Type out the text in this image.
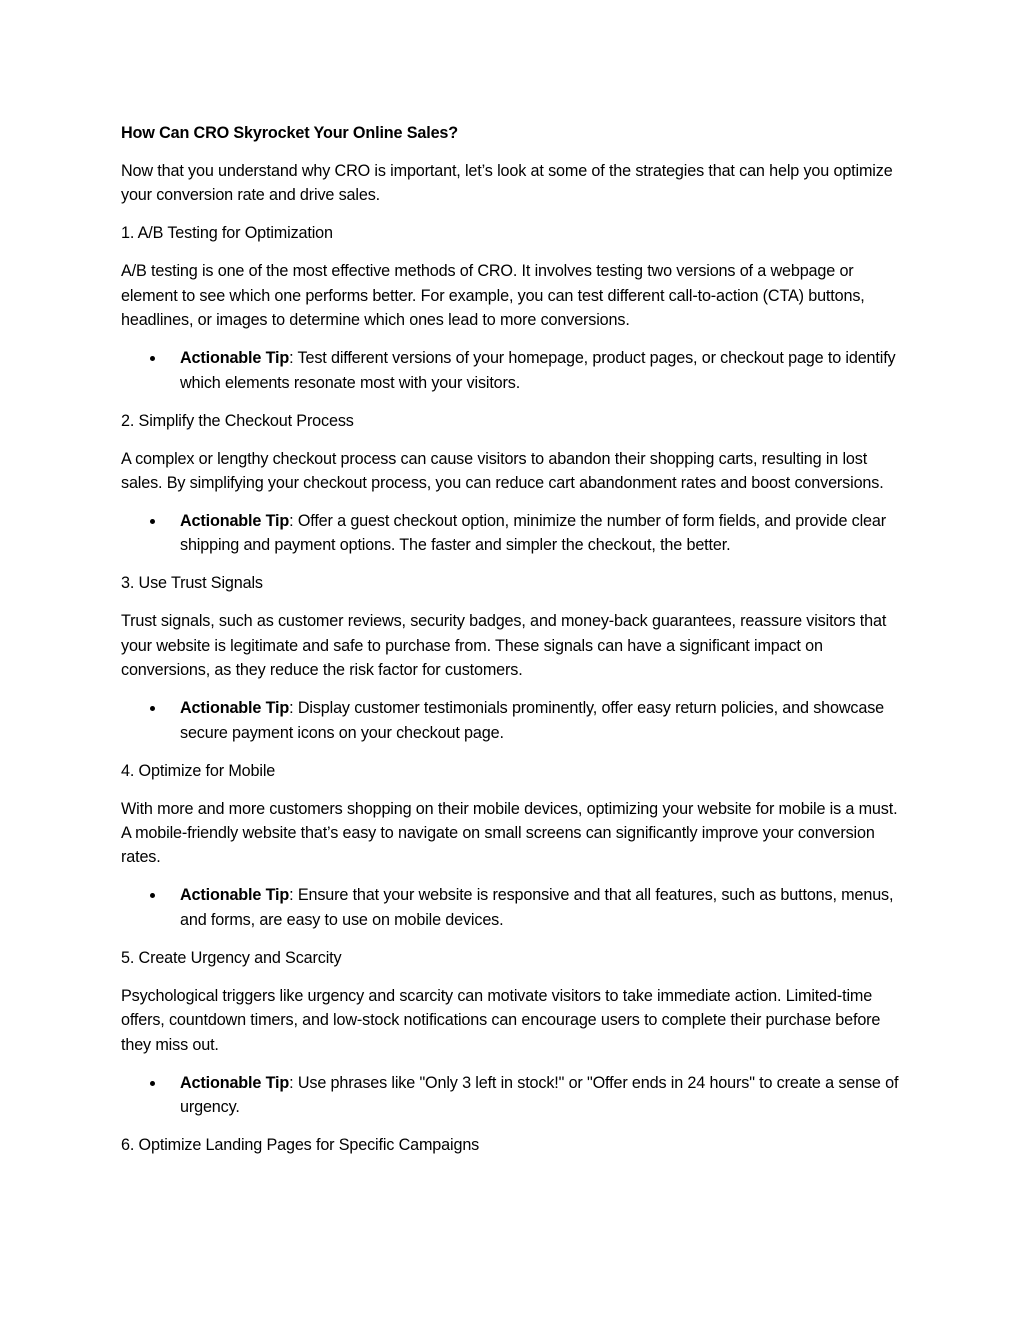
How Can CRO Skyrocket Your Online Sales?

Now that you understand why CRO is important, let’s look at some of the strategies that can help you optimize your conversion rate and drive sales.

1. A/B Testing for Optimization

A/B testing is one of the most effective methods of CRO. It involves testing two versions of a webpage or element to see which one performs better. For example, you can test different call-to-action (CTA) buttons, headlines, or images to determine which ones lead to more conversions.

Actionable Tip: Test different versions of your homepage, product pages, or checkout page to identify which elements resonate most with your visitors.

2. Simplify the Checkout Process

A complex or lengthy checkout process can cause visitors to abandon their shopping carts, resulting in lost sales. By simplifying your checkout process, you can reduce cart abandonment rates and boost conversions.

Actionable Tip: Offer a guest checkout option, minimize the number of form fields, and provide clear shipping and payment options. The faster and simpler the checkout, the better.

3. Use Trust Signals

Trust signals, such as customer reviews, security badges, and money-back guarantees, reassure visitors that your website is legitimate and safe to purchase from. These signals can have a significant impact on conversions, as they reduce the risk factor for customers.

Actionable Tip: Display customer testimonials prominently, offer easy return policies, and showcase secure payment icons on your checkout page.

4. Optimize for Mobile

With more and more customers shopping on their mobile devices, optimizing your website for mobile is a must. A mobile-friendly website that’s easy to navigate on small screens can significantly improve your conversion rates.

Actionable Tip: Ensure that your website is responsive and that all features, such as buttons, menus, and forms, are easy to use on mobile devices.

5. Create Urgency and Scarcity

Psychological triggers like urgency and scarcity can motivate visitors to take immediate action. Limited-time offers, countdown timers, and low-stock notifications can encourage users to complete their purchase before they miss out.

Actionable Tip: Use phrases like "Only 3 left in stock!" or "Offer ends in 24 hours" to create a sense of urgency.

6. Optimize Landing Pages for Specific Campaigns
